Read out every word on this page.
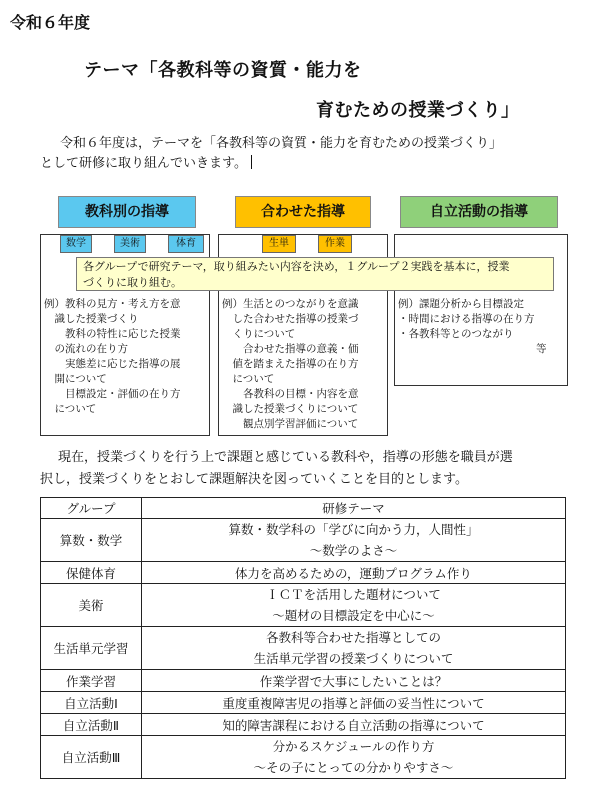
令和６年度
テーマ「各教科等の資質・能力を
育むための授業づくり」
令和６年度は，テーマを「各教科等の資質・能力を育むための授業づくり」
として研修に取り組んでいきます。
教科別の指導	合わせた指導	自立活動の指導
数学	美術	体育	生単	作業
各グループで研究テーマ，取り組みたい内容を決め，１グループ２実践を基本に，授業
づくりに取り組む。
例）教科の見方・考え方を意
　識した授業づくり
　　教科の特性に応じた授業
　の流れの在り方
　　実態差に応じた指導の展
　開について
　　目標設定・評価の在り方
　について
例）生活とのつながりを意識
　した合わせた指導の授業づ
　くりについて
　　合わせた指導の意義・価
　値を踏まえた指導の在り方
　について
　　各教科の目標・内容を意
　識した授業づくりについて
　　観点別学習評価について
例）課題分析から目標設定
・時間における指導の在り方
・各教科等とのつながり
等
現在，授業づくりを行う上で課題と感じている教科や，指導の形態を職員が選
択し，授業づくりをとおして課題解決を図っていくことを目的とします。
グループ	研修テーマ
算数・数学	算数・数学科の「学びに向かう力，人間性」
～数学のよさ～

保健体育	体力を高めるための，運動プログラム作り
美術	ＩＣＴを活用した題材について
～題材の目標設定を中心に～

生活単元学習	各教科等合わせた指導としての
生活単元学習の授業づくりについて

作業学習	作業学習で大事にしたいことは？
自立活動Ⅰ	重度重複障害児の指導と評価の妥当性について
自立活動Ⅱ	知的障害課程における自立活動の指導について
自立活動Ⅲ	分かるスケジュールの作り方
～その子にとっての分かりやすさ～
